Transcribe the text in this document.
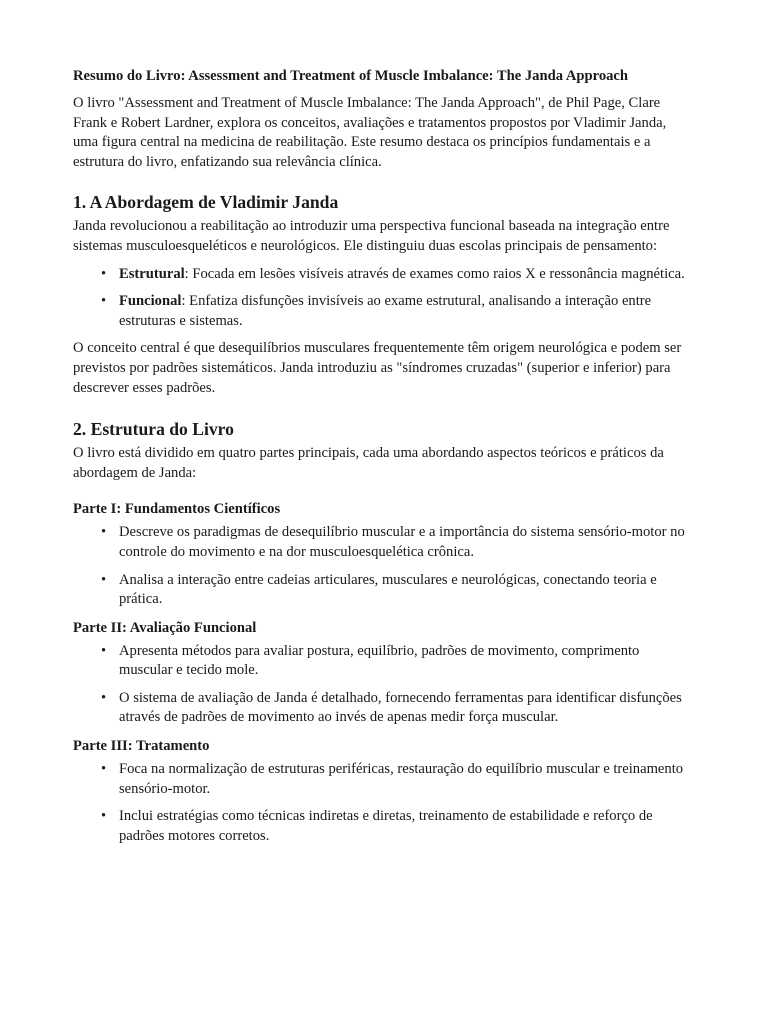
Resumo do Livro: Assessment and Treatment of Muscle Imbalance: The Janda Approach

O livro "Assessment and Treatment of Muscle Imbalance: The Janda Approach", de Phil Page, Clare Frank e Robert Lardner, explora os conceitos, avaliações e tratamentos propostos por Vladimir Janda, uma figura central na medicina de reabilitação. Este resumo destaca os princípios fundamentais e a estrutura do livro, enfatizando sua relevância clínica.

1. A Abordagem de Vladimir Janda

Janda revolucionou a reabilitação ao introduzir uma perspectiva funcional baseada na integração entre sistemas musculoesqueléticos e neurológicos. Ele distinguiu duas escolas principais de pensamento:

• Estrutural: Focada em lesões visíveis através de exames como raios X e ressonância magnética.
• Funcional: Enfatiza disfunções invisíveis ao exame estrutural, analisando a interação entre estruturas e sistemas.

O conceito central é que desequilíbrios musculares frequentemente têm origem neurológica e podem ser previstos por padrões sistemáticos. Janda introduziu as "síndromes cruzadas" (superior e inferior) para descrever esses padrões.

2. Estrutura do Livro

O livro está dividido em quatro partes principais, cada uma abordando aspectos teóricos e práticos da abordagem de Janda:

Parte I: Fundamentos Científicos
• Descreve os paradigmas de desequilíbrio muscular e a importância do sistema sensório-motor no controle do movimento e na dor musculoesquelética crônica.
• Analisa a interação entre cadeias articulares, musculares e neurológicas, conectando teoria e prática.
Parte II: Avaliação Funcional
• Apresenta métodos para avaliar postura, equilíbrio, padrões de movimento, comprimento muscular e tecido mole.
• O sistema de avaliação de Janda é detalhado, fornecendo ferramentas para identificar disfunções através de padrões de movimento ao invés de apenas medir força muscular.
Parte III: Tratamento
• Foca na normalização de estruturas periféricas, restauração do equilíbrio muscular e treinamento sensório-motor.
• Inclui estratégias como técnicas indiretas e diretas, treinamento de estabilidade e reforço de padrões motores corretos.
